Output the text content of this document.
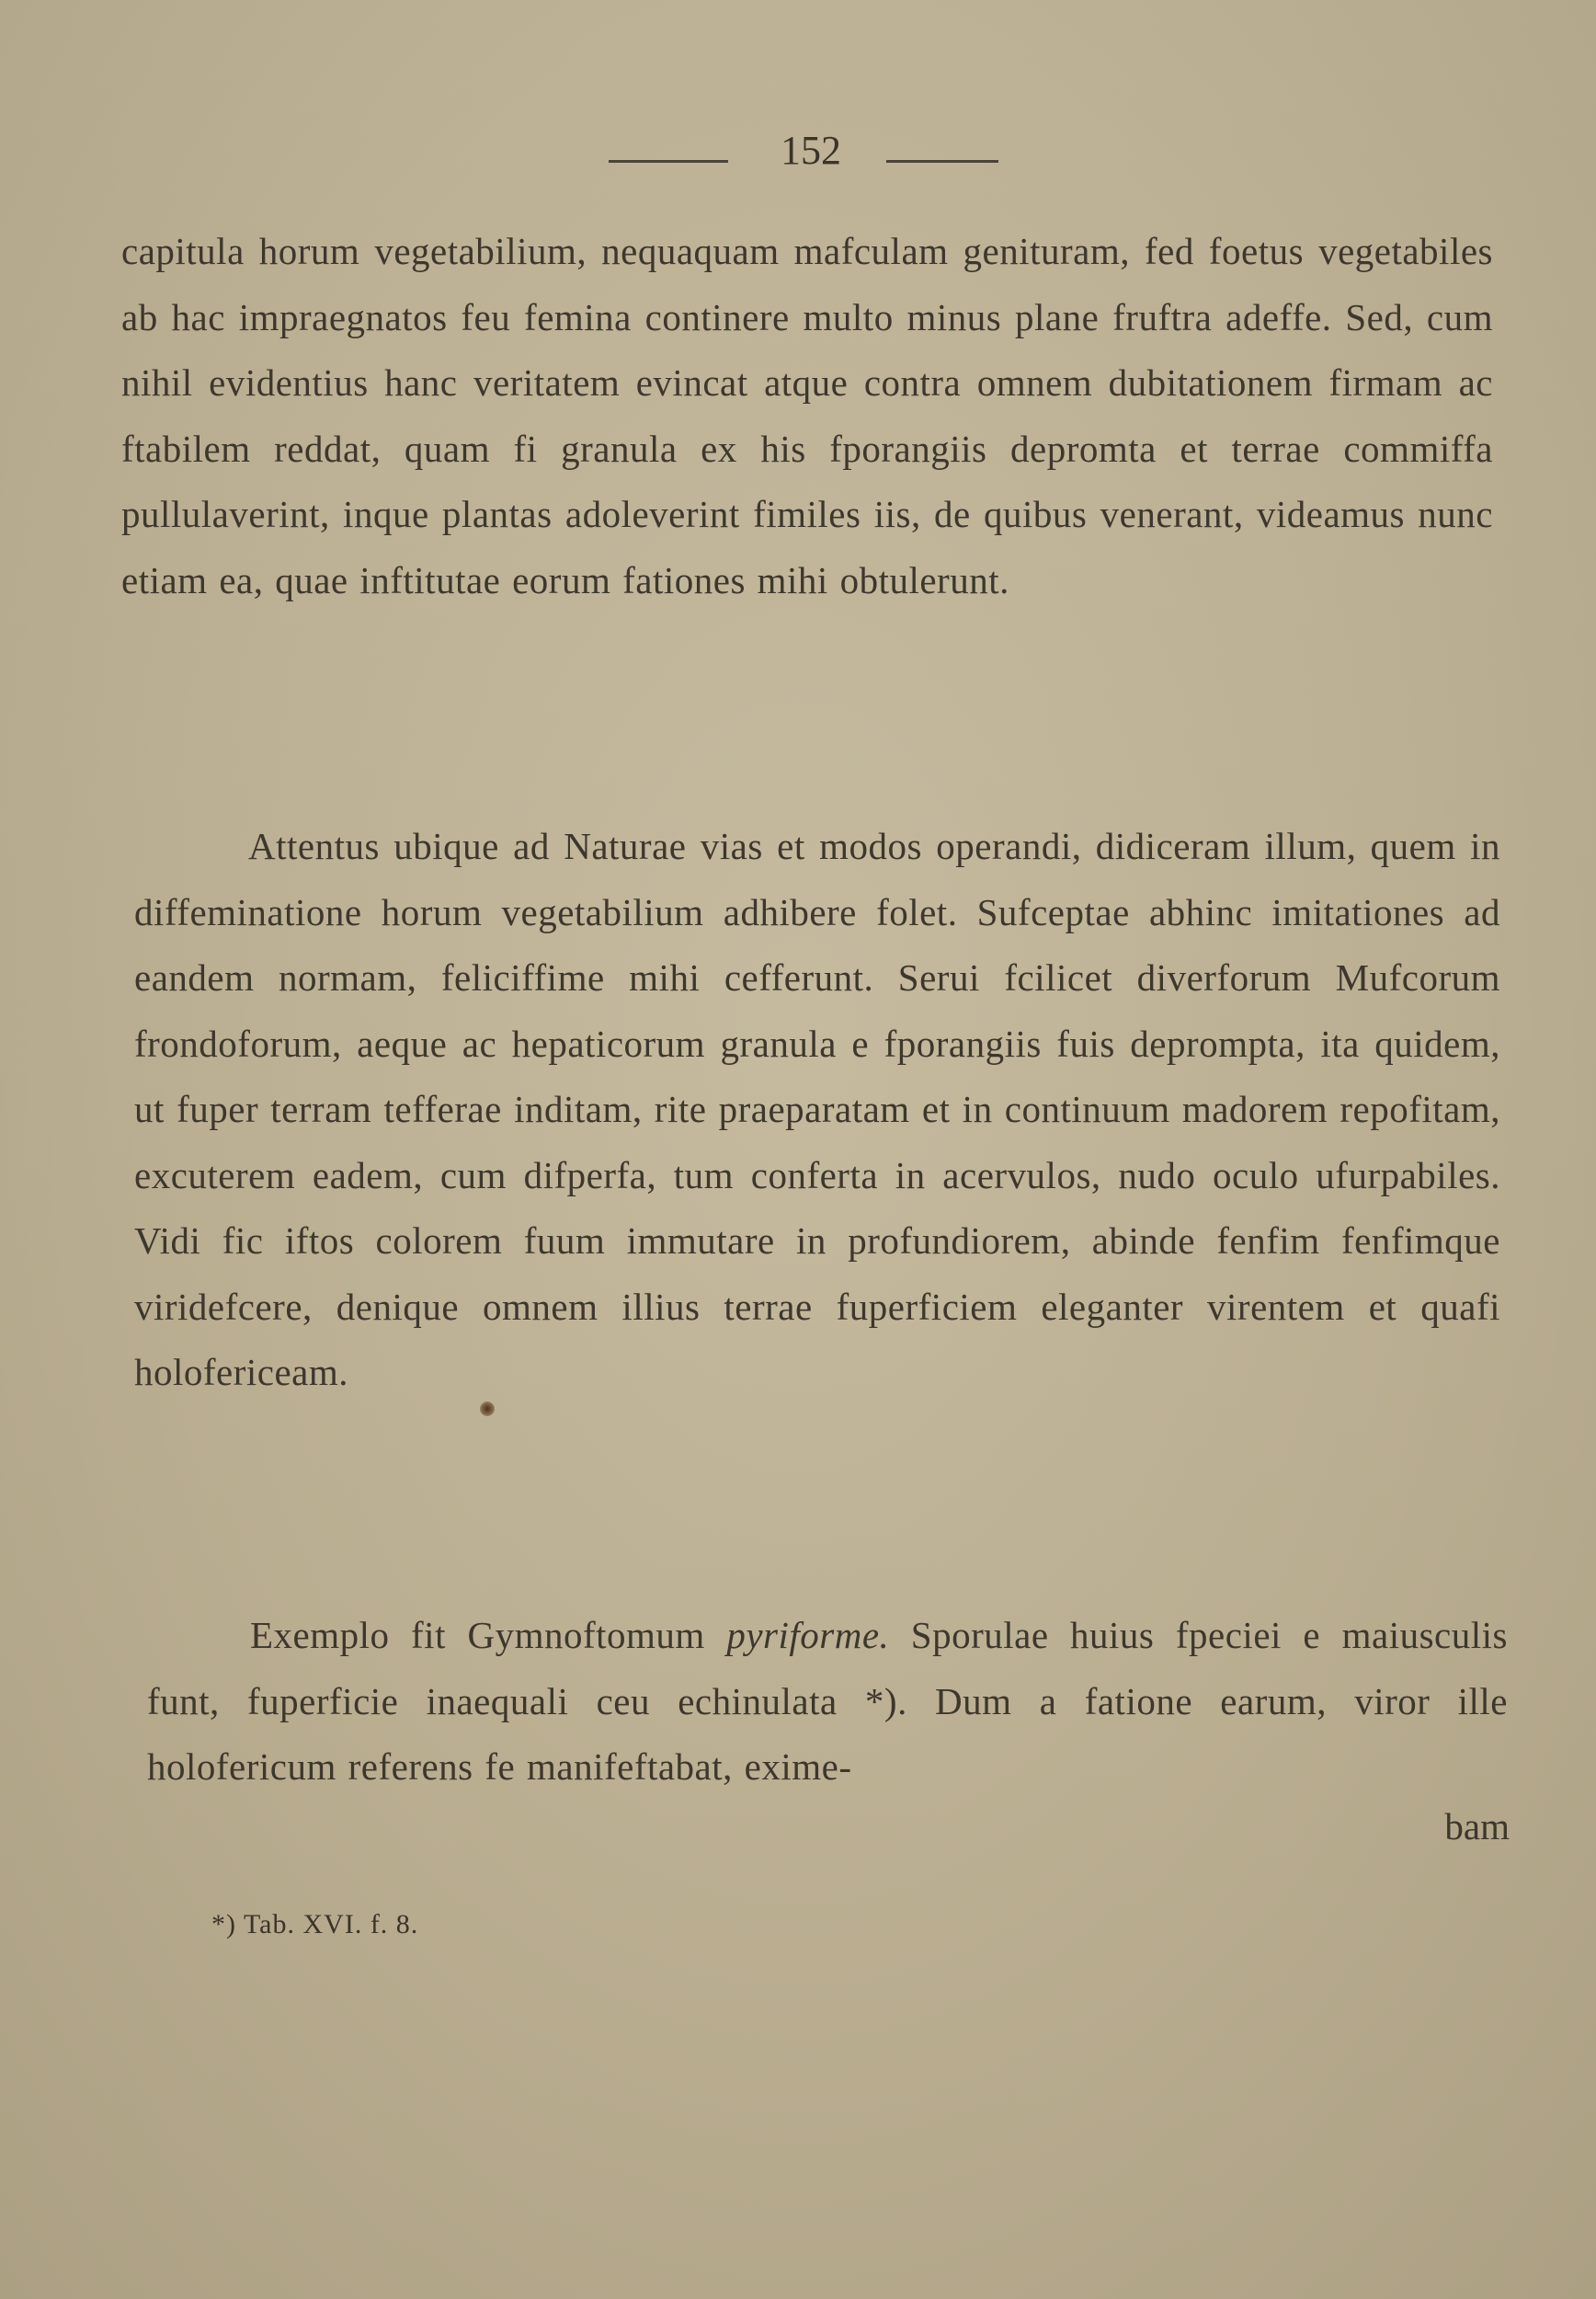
152

capitula horum vegetabilium, nequaquam mafculam genituram, fed foetus vegetabiles ab hac impraegnatos feu femina continere multo minus plane fruftra adeffe. Sed, cum nihil evidentius hanc veritatem evincat atque contra omnem dubitationem firmam ac ftabilem reddat, quam fi granula ex his fporangiis depromta et terrae commiffa pullulaverint, inque plantas adoleverint fimiles iis, de quibus venerant, videamus nunc etiam ea, quae inftitutae eorum fationes mihi obtulerunt.

Attentus ubique ad Naturae vias et modos operandi, didiceram illum, quem in diffeminatione horum vegetabilium adhibere folet. Sufceptae abhinc imitationes ad eandem normam, feliciffime mihi cefferunt. Serui fcilicet diverforum Mufcorum frondoforum, aeque ac hepaticorum granula e fporangiis fuis deprompta, ita quidem, ut fuper terram tefferae inditam, rite praeparatam et in continuum madorem repofitam, excuterem eadem, cum difperfa, tum conferta in acervulos, nudo oculo ufurpabiles. Vidi fic iftos colorem fuum immutare in profundiorem, abinde fenfim fenfimque viridefcere, denique omnem illius terrae fuperficiem eleganter virentem et quafi holofericeam.

Exemplo fit Gymnoftomum pyriforme. Sporulae huius fpeciei e maiusculis funt, fuperficie inaequali ceu echinulata *). Dum a fatione earum, viror ille holofericum referens fe manifeftabat, exime-

bam
*) Tab. XVI. f. 8.
